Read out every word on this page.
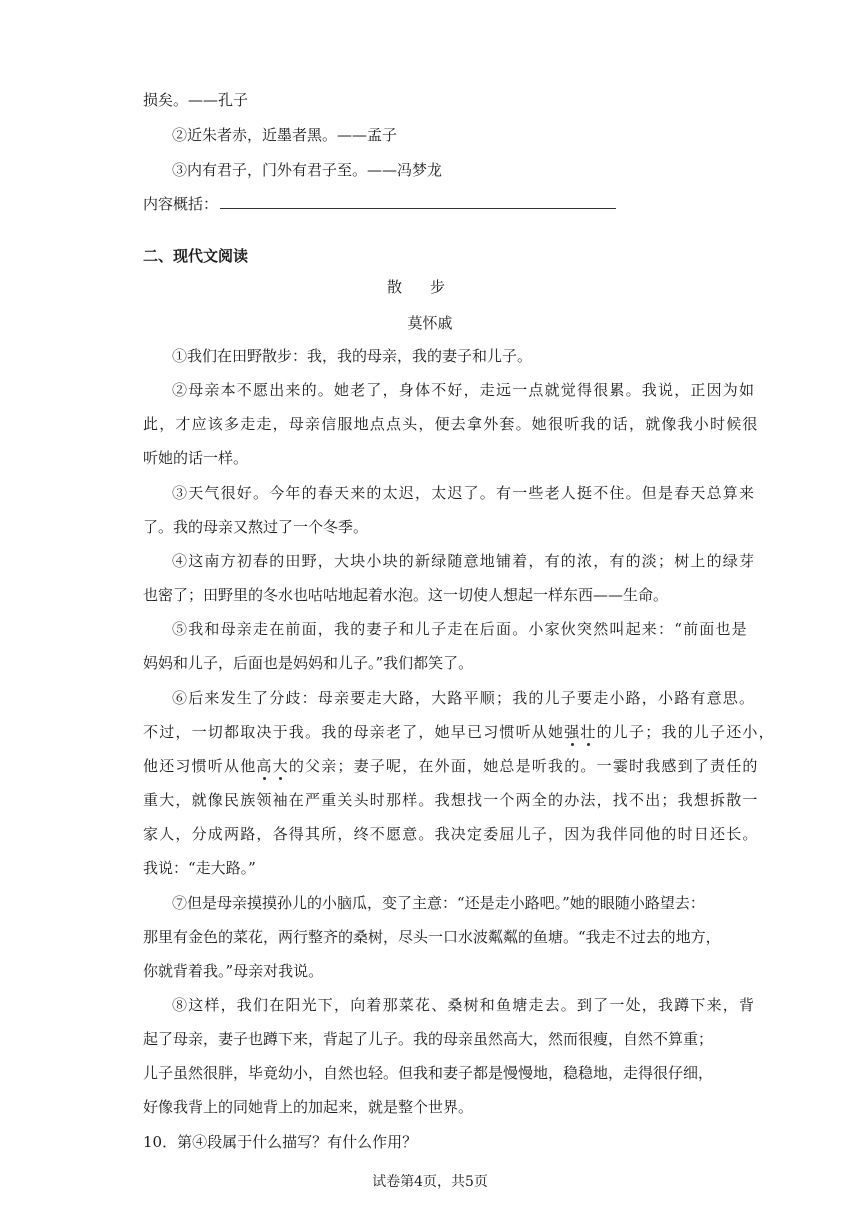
损矣。——孔子
②近朱者赤，近墨者黑。——孟子
③内有君子，门外有君子至。——冯梦龙
内容概括：
二、现代文阅读
散步
莫怀戚
①我们在田野散步：我，我的母亲，我的妻子和儿子。
②母亲本不愿出来的。她老了，身体不好，走远一点就觉得很累。我说，正因为如
此，才应该多走走，母亲信服地点点头，便去拿外套。她很听我的话，就像我小时候很
听她的话一样。
③天气很好。今年的春天来的太迟，太迟了。有一些老人挺不住。但是春天总算来
了。我的母亲又熬过了一个冬季。
④这南方初春的田野，大块小块的新绿随意地铺着，有的浓，有的淡；树上的绿芽
也密了；田野里的冬水也咕咕地起着水泡。这一切使人想起一样东西——生命。
⑤我和母亲走在前面，我的妻子和儿子走在后面。小家伙突然叫起来：“前面也是
妈妈和儿子，后面也是妈妈和儿子。”我们都笑了。
⑥后来发生了分歧：母亲要走大路，大路平顺；我的儿子要走小路，小路有意思。
不过，一切都取决于我。我的母亲老了，她早已习惯听从她强壮的儿子；我的儿子还小，
他还习惯听从他高大的父亲；妻子呢，在外面，她总是听我的。一霎时我感到了责任的
重大，就像民族领袖在严重关头时那样。我想找一个两全的办法，找不出；我想拆散一
家人，分成两路，各得其所，终不愿意。我决定委屈儿子，因为我伴同他的时日还长。
我说：“走大路。”
⑦但是母亲摸摸孙儿的小脑瓜，变了主意：“还是走小路吧。”她的眼随小路望去：
那里有金色的菜花，两行整齐的桑树，尽头一口水波粼粼的鱼塘。“我走不过去的地方，
你就背着我。”母亲对我说。
⑧这样，我们在阳光下，向着那菜花、桑树和鱼塘走去。到了一处，我蹲下来，背
起了母亲，妻子也蹲下来，背起了儿子。我的母亲虽然高大，然而很瘦，自然不算重；
儿子虽然很胖，毕竟幼小，自然也轻。但我和妻子都是慢慢地，稳稳地，走得很仔细，
好像我背上的同她背上的加起来，就是整个世界。
10．第④段属于什么描写？有什么作用？
试卷第4页，共5页
